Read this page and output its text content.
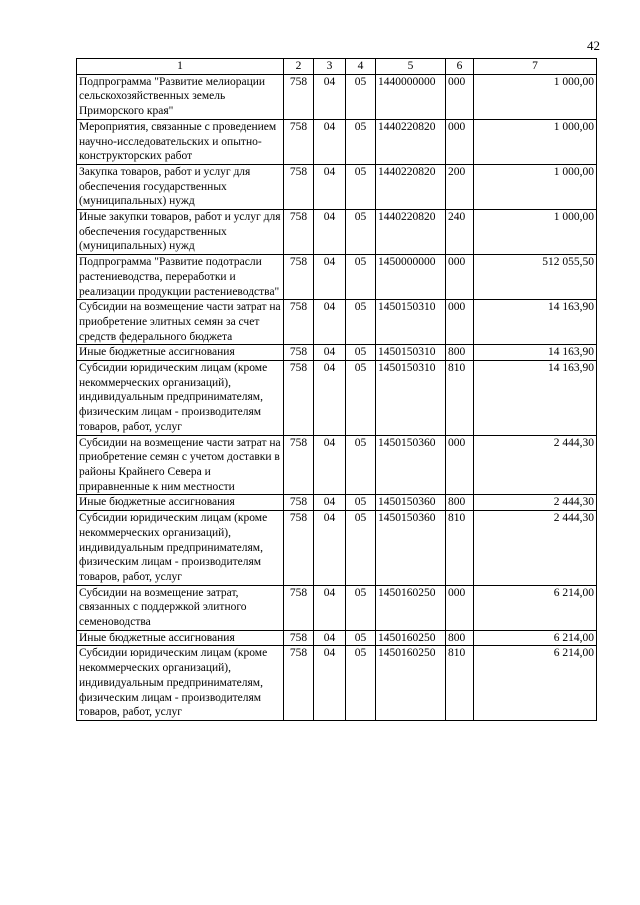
42
1	2	3	4	5	6	7
Подпрограмма "Развитие мелиорации сельскохозяйственных земель Приморского края"	758	04	05	1440000000	000	1 000,00
Мероприятия, связанные с проведением научно-исследовательских и опытно-конструкторских работ	758	04	05	1440220820	000	1 000,00
Закупка товаров, работ и услуг для обеспечения государственных (муниципальных) нужд	758	04	05	1440220820	200	1 000,00
Иные закупки товаров, работ и услуг для обеспечения государственных (муниципальных) нужд	758	04	05	1440220820	240	1 000,00
Подпрограмма "Развитие подотрасли растениеводства, переработки и реализации продукции растениеводства"	758	04	05	1450000000	000	512 055,50
Субсидии на возмещение части затрат на приобретение элитных семян за счет средств федерального бюджета	758	04	05	1450150310	000	14 163,90
Иные бюджетные ассигнования	758	04	05	1450150310	800	14 163,90
Субсидии юридическим лицам (кроме некоммерческих организаций), индивидуальным предпринимателям, физическим лицам - производителям товаров, работ, услуг	758	04	05	1450150310	810	14 163,90
Субсидии на возмещение части затрат на приобретение семян с учетом доставки в районы Крайнего Севера и приравненные к ним местности	758	04	05	1450150360	000	2 444,30
Иные бюджетные ассигнования	758	04	05	1450150360	800	2 444,30
Субсидии юридическим лицам (кроме некоммерческих организаций), индивидуальным предпринимателям, физическим лицам - производителям товаров, работ, услуг	758	04	05	1450150360	810	2 444,30
Субсидии на возмещение затрат, связанных с поддержкой элитного семеноводства	758	04	05	1450160250	000	6 214,00
Иные бюджетные ассигнования	758	04	05	1450160250	800	6 214,00
Субсидии юридическим лицам (кроме некоммерческих организаций), индивидуальным предпринимателям, физическим лицам - производителям товаров, работ, услуг	758	04	05	1450160250	810	6 214,00
